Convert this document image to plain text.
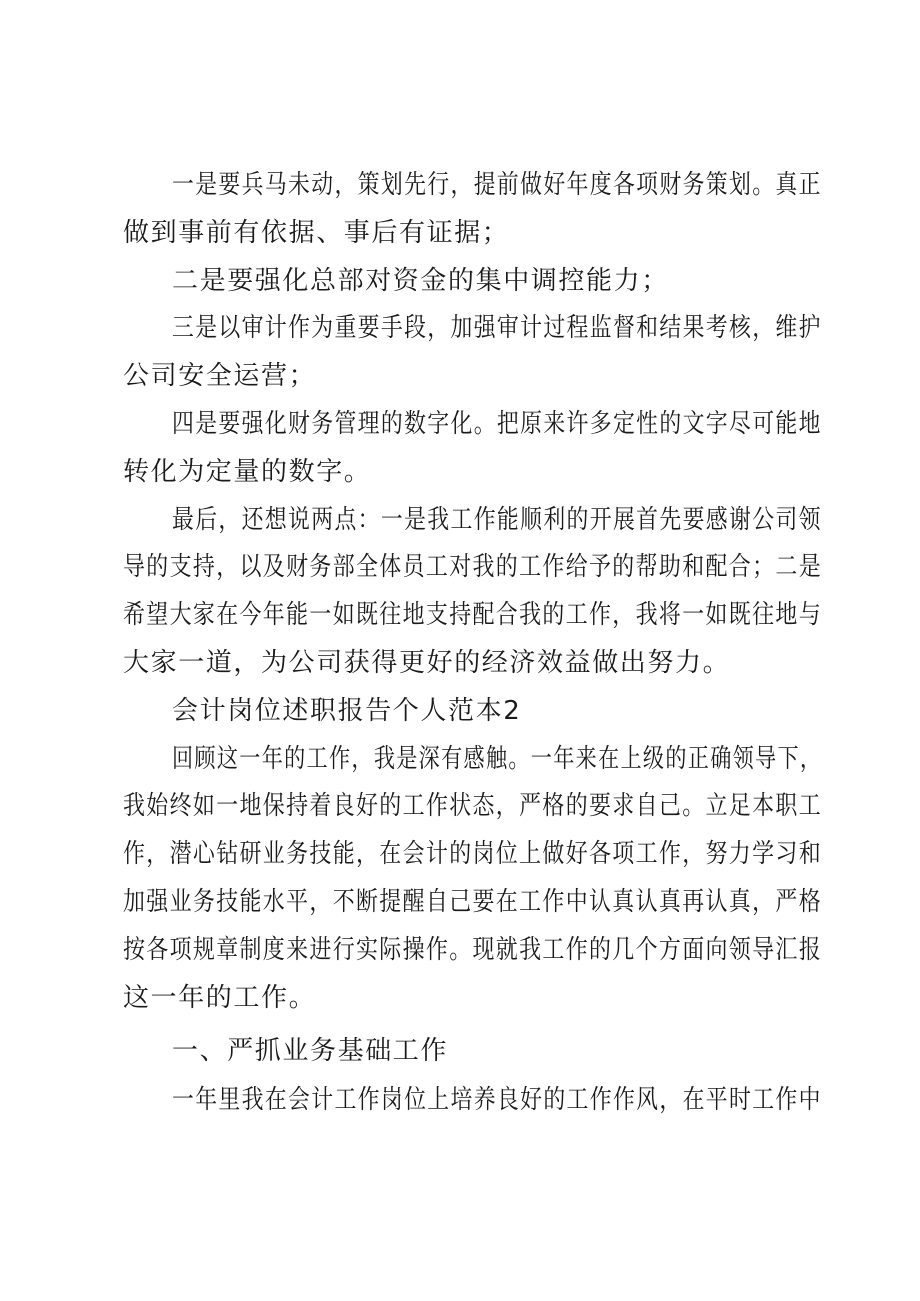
一是要兵马未动，策划先行，提前做好年度各项财务策划。真正
做到事前有依据、事后有证据；
二是要强化总部对资金的集中调控能力；
三是以审计作为重要手段，加强审计过程监督和结果考核，维护
公司安全运营；
四是要强化财务管理的数字化。把原来许多定性的文字尽可能地
转化为定量的数字。
最后，还想说两点：一是我工作能顺利的开展首先要感谢公司领
导的支持，以及财务部全体员工对我的工作给予的帮助和配合；二是
希望大家在今年能一如既往地支持配合我的工作，我将一如既往地与
大家一道，为公司获得更好的经济效益做出努力。
会计岗位述职报告个人范本2
回顾这一年的工作，我是深有感触。一年来在上级的正确领导下，
我始终如一地保持着良好的工作状态，严格的要求自己。立足本职工
作，潜心钻研业务技能，在会计的岗位上做好各项工作，努力学习和
加强业务技能水平，不断提醒自己要在工作中认真认真再认真，严格
按各项规章制度来进行实际操作。现就我工作的几个方面向领导汇报
这一年的工作。
一、严抓业务基础工作
一年里我在会计工作岗位上培养良好的工作作风，在平时工作中
